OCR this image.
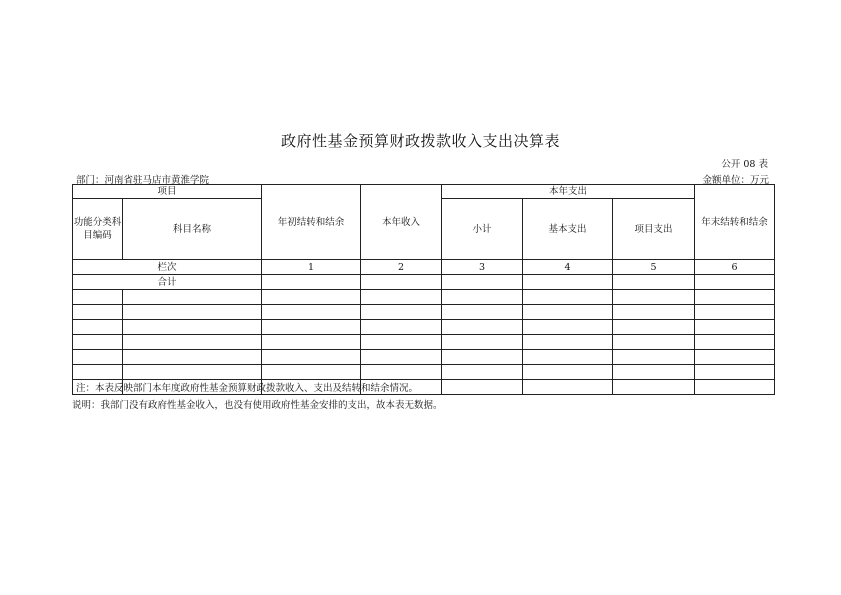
政府性基金预算财政拨款收入支出决算表
公开 08 表
部门：河南省驻马店市黄淮学院	金额单位：万元
项目		年初结转和结余	本年收入	本年支出			年末结转和结余
功能分类科目编码	科目名称			小计	基本支出	项目支出	
栏次		1	2	3	4	5	6
合计							

注：本表反映部门本年度政府性基金预算财政拨款收入、支出及结转和结余情况。
说明：我部门没有政府性基金收入，也没有使用政府性基金安排的支出，故本表无数据。
